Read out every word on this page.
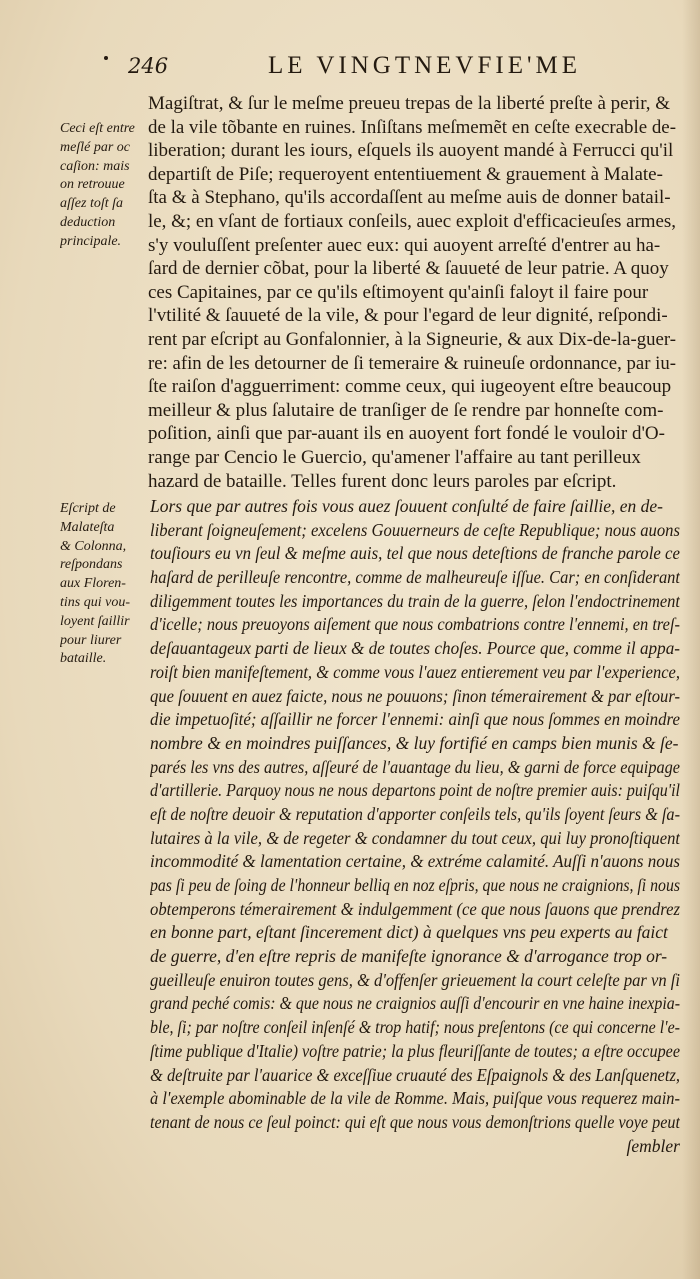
246	LE VINGTNEVFIE'ME
Ceci eſt entre
meſlé par oc
caſion: mais
on retrouue
aſſez toſt ſa
deduction
principale.
Eſcript de
Malateſta
& Colonna,
reſpondans
aux Floren-
tins qui vou-
loyent ſaillir
pour liurer
bataille.
Magiſtrat, & ſur le meſme preueu trepas de la liberté preſte à perir, &
de la vile tõbante en ruines. Inſiſtans meſmemẽt en ceſte execrable de-
liberation; durant les iours, eſquels ils auoyent mandé à Ferrucci qu'il
departiſt de Piſe; requeroyent ententiuement & grauement à Malate-
ſta & à Stephano, qu'ils accordaſſent au meſme auis de donner batail-
le, &; en vſant de fortiaux conſeils, auec exploit d'efficacieuſes armes,
s'y vouluſſent preſenter auec eux: qui auoyent arreſté d'entrer au ha-
ſard de dernier cõbat, pour la liberté & ſauueté de leur patrie. A quoy
ces Capitaines, par ce qu'ils eſtimoyent qu'ainſi faloyt il faire pour
l'vtilité & ſauueté de la vile, & pour l'egard de leur dignité, reſpondi-
rent par eſcript au Gonfalonnier, à la Signeurie, & aux Dix-de-la-guer-
re: afin de les detourner de ſi temeraire & ruineuſe ordonnance, par iu-
ſte raiſon d'agguerriment: comme ceux, qui iugeoyent eſtre beaucoup
meilleur & plus ſalutaire de tranſiger de ſe rendre par honneſte com-
poſition, ainſi que par-auant ils en auoyent fort fondé le vouloir d'O-
range par Cencio le Guercio, qu'amener l'affaire au tant perilleux
hazard de bataille. Telles furent donc leurs paroles par eſcript.
Lors que par autres fois vous auez ſouuent conſulté de faire ſaillie, en de-
liberant ſoigneuſement; excelens Gouuerneurs de ceſte Republique; nous auons
touſiours eu vn ſeul & meſme auis, tel que nous deteſtions de franche parole ce
haſard de perilleuſe rencontre, comme de malheureuſe iſſue. Car; en conſiderant
diligemment toutes les importances du train de la guerre, ſelon l'endoctrinement
d'icelle; nous preuoyons aiſement que nous combatrions contre l'ennemi, en treſ-
deſauantageux parti de lieux & de toutes choſes. Pource que, comme il appa-
roiſt bien manifeſtement, & comme vous l'auez entierement veu par l'experience,
que ſouuent en auez faicte, nous ne pouuons; ſinon témerairement & par eſtour-
die impetuoſité; aſſaillir ne forcer l'ennemi: ainſi que nous ſommes en moindre
nombre & en moindres puiſſances, & luy fortifié en camps bien munis & ſe-
parés les vns des autres, aſſeuré de l'auantage du lieu, & garni de force equipage
d'artillerie. Parquoy nous ne nous departons point de noſtre premier auis: puiſqu'il
eſt de noſtre deuoir & reputation d'apporter conſeils tels, qu'ils ſoyent ſeurs & ſa-
lutaires à la vile, & de regeter & condamner du tout ceux, qui luy pronoſtiquent
incommodité & lamentation certaine, & extréme calamité. Auſſi n'auons nous
pas ſi peu de ſoing de l'honneur belliq en noz eſpris, que nous ne craignions, ſi nous
obtemperons témerairement & indulgemment (ce que nous ſauons que prendrez
en bonne part, eſtant ſincerement dict) à quelques vns peu experts au faict
de guerre, d'en eſtre repris de manifeſte ignorance & d'arrogance trop or-
gueilleuſe enuiron toutes gens, & d'offenſer grieuement la court celeſte par vn ſi
grand peché comis: & que nous ne craignios auſſi d'encourir en vne haine inexpia-
ble, ſi; par noſtre conſeil inſenſé & trop hatif; nous preſentons (ce qui concerne l'e-
ſtime publique d'Italie) voſtre patrie; la plus fleuriſſante de toutes; a eſtre occupee
& deſtruite par l'auarice & exceſſiue cruauté des Eſpaignols & des Lanſquenetz,
à l'exemple abominable de la vile de Romme. Mais, puiſque vous requerez main-
tenant de nous ce ſeul poinct: qui eſt que nous vous demonſtrions quelle voye peut
ſembler
